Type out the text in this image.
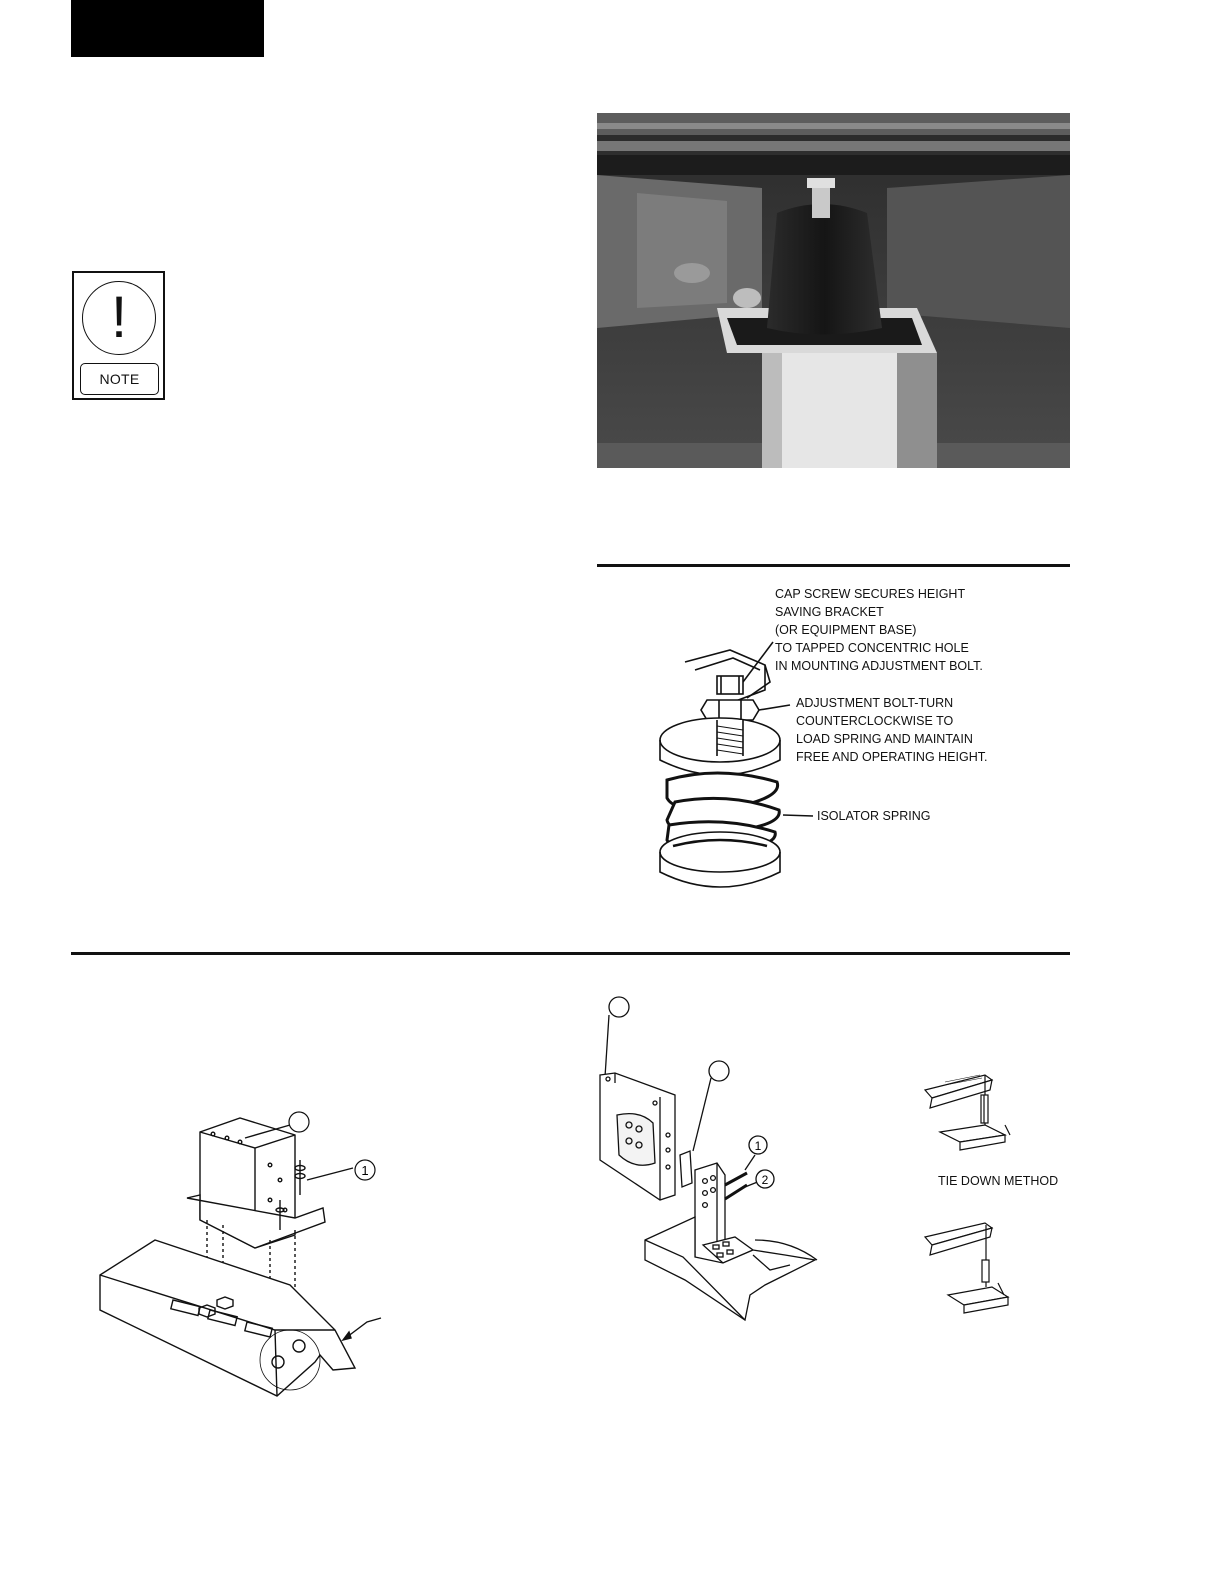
!
NOTE
CAP SCREW SECURES HEIGHT
SAVING BRACKET
(OR EQUIPMENT BASE)
TO TAPPED CONCENTRIC HOLE
IN MOUNTING ADJUSTMENT BOLT.
ADJUSTMENT BOLT-TURN
COUNTERCLOCKWISE TO
LOAD SPRING AND MAINTAIN
FREE AND OPERATING HEIGHT.
ISOLATOR SPRING
1
1
2	TIE DOWN METHOD
